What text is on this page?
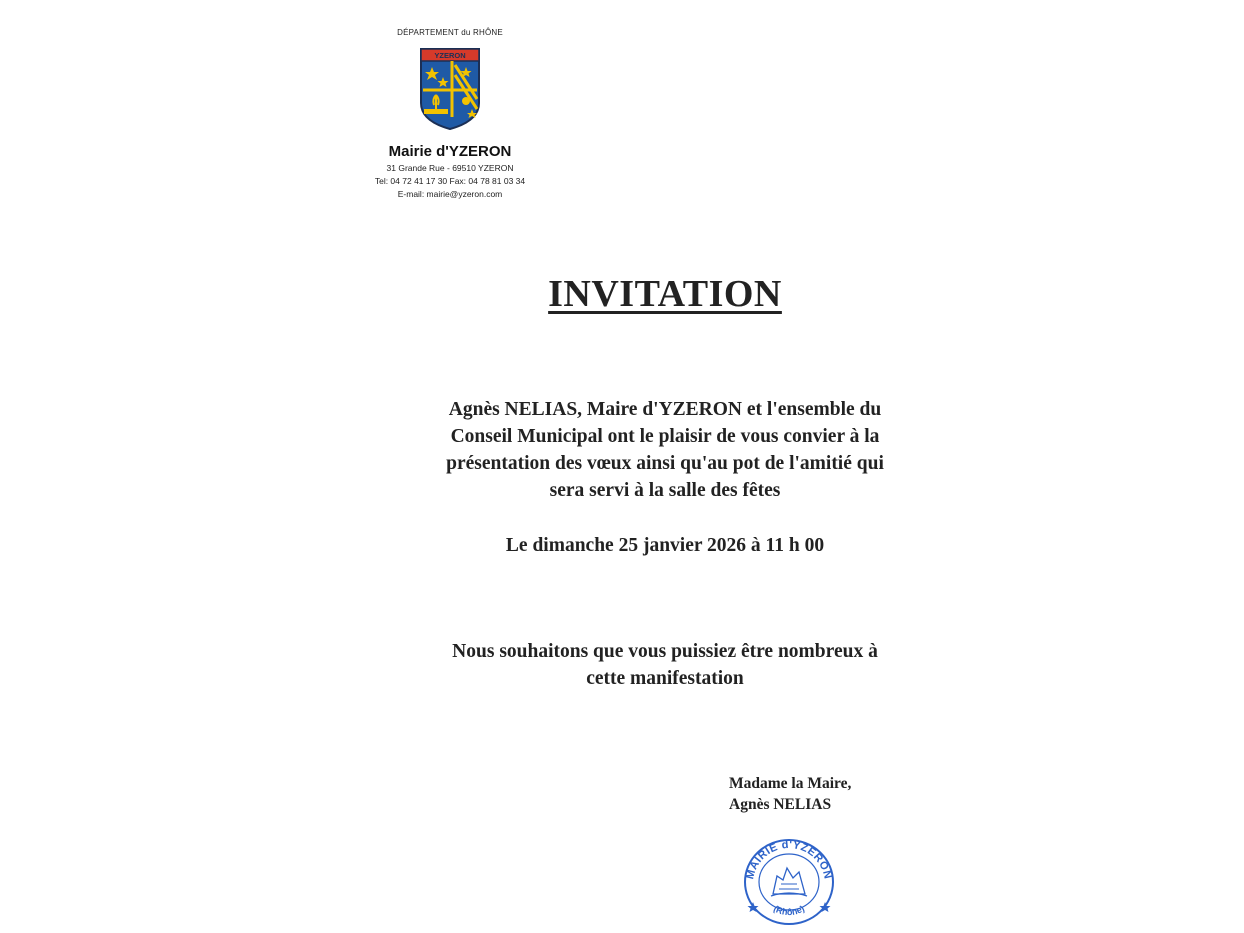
DÉPARTEMENT du RHÔNE
YZERON
Mairie d'YZERON
31 Grande Rue - 69510 YZERON
Tel: 04 72 41 17 30 Fax: 04 78 81 03 34
E-mail: mairie@yzeron.com
INVITATION
Agnès NELIAS, Maire d'YZERON et l'ensemble du
Conseil Municipal ont le plaisir de vous convier à la
présentation des vœux ainsi qu'au pot de l'amitié qui
sera servi à la salle des fêtes
Le dimanche 25 janvier 2026 à 11 h 00
Nous souhaitons que vous puissiez être nombreux à
cette manifestation
Madame la Maire,
Agnès NELIAS
MAIRIE d'YZERON
(Rhône)
